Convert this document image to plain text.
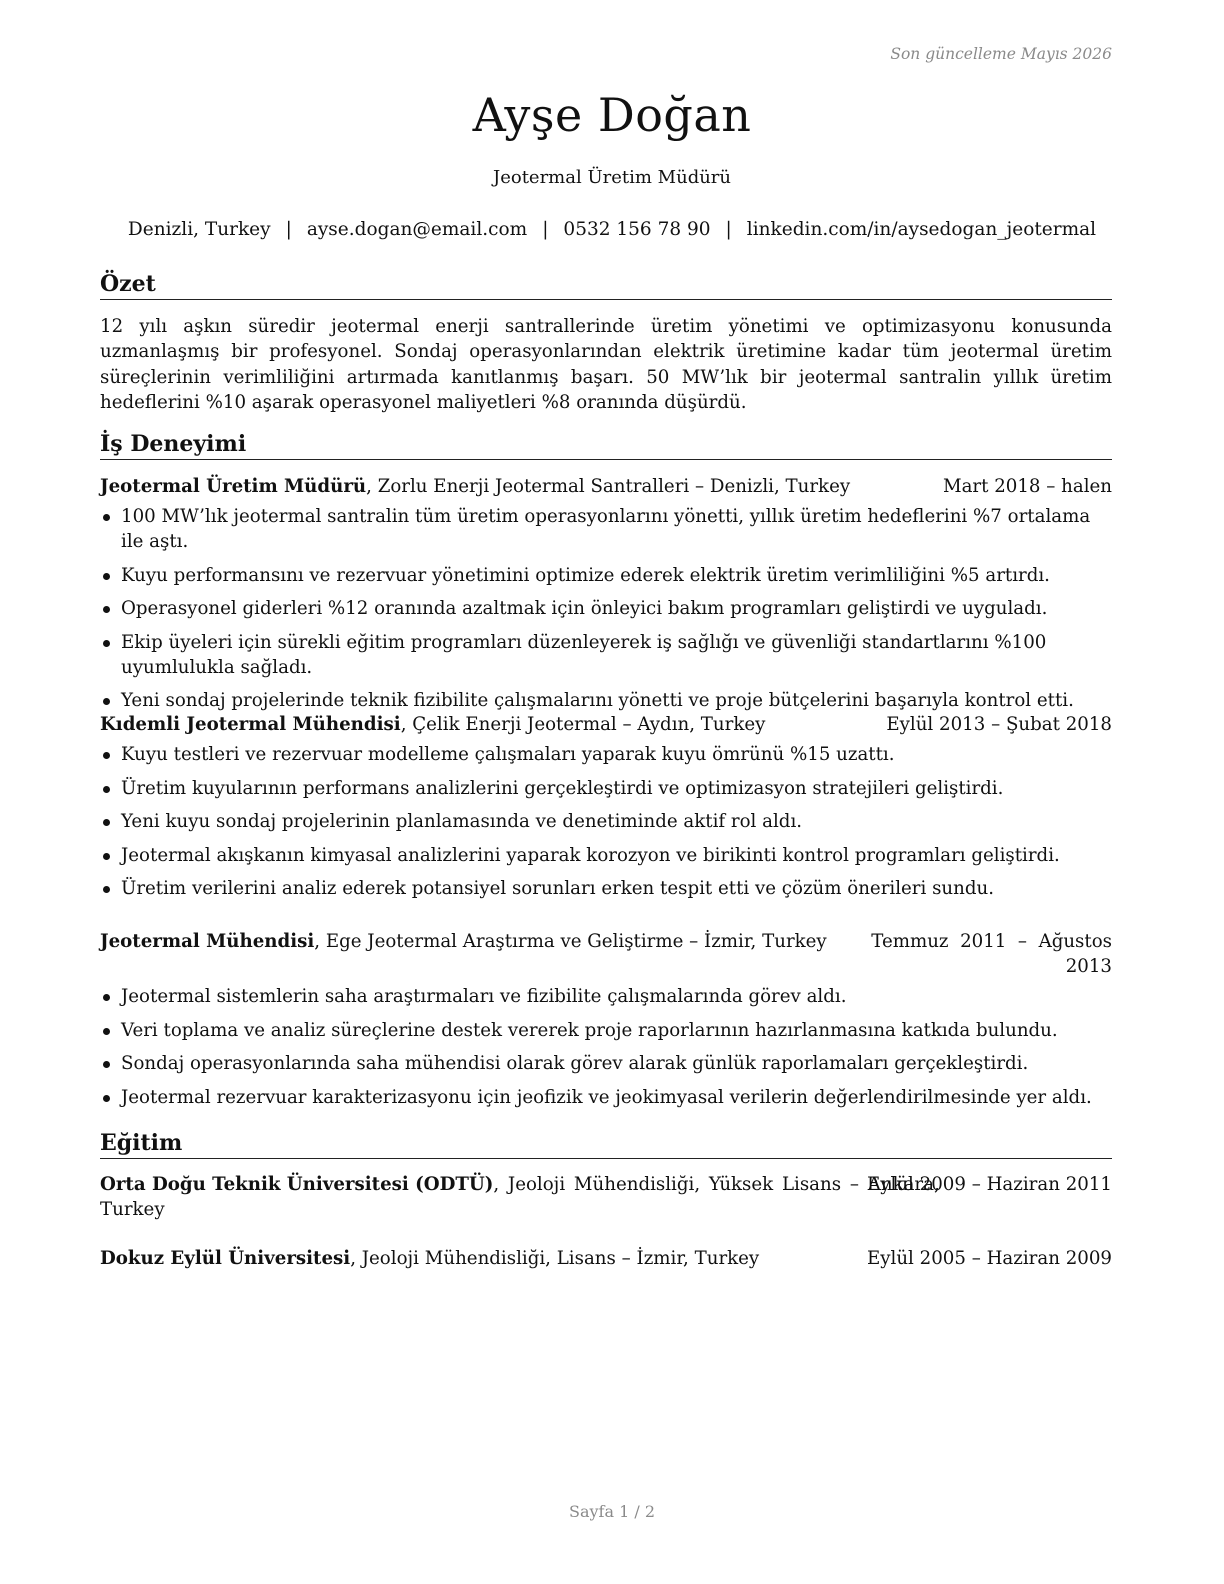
Son güncelleme Mayıs 2026
Ayşe Doğan
Jeotermal Üretim Müdürü
Denizli, Turkey | ayse.dogan@email.com | 0532 156 78 90 | linkedin.com/in/aysedogan_jeotermal
Özet
12 yılı aşkın süredir jeotermal enerji santrallerinde üretim yönetimi ve optimizasyonu konusunda uzmanlaşmış bir profesyonel. Sondaj operasyonlarından elektrik üretimine kadar tüm jeotermal üretim süreçlerinin verimliliğini artırmada kanıtlanmış başarı. 50 MW’lık bir jeotermal santralin yıllık üretim hedeflerini %10 aşarak operasyonel maliyetleri %8 oranında düşürdü.
İş Deneyimi
Jeotermal Üretim Müdürü, Zorlu Enerji Jeotermal Santralleri – Denizli, Turkey	Mart 2018 – halen
100 MW’lık jeotermal santralin tüm üretim operasyonlarını yönetti, yıllık üretim hedeflerini %7 ortalama ile aştı.
Kuyu performansını ve rezervuar yönetimini optimize ederek elektrik üretim verimliliğini %5 artırdı.
Operasyonel giderleri %12 oranında azaltmak için önleyici bakım programları geliştirdi ve uyguladı.
Ekip üyeleri için sürekli eğitim programları düzenleyerek iş sağlığı ve güvenliği standartlarını %100 uyumlulukla sağladı.
Yeni sondaj projelerinde teknik fizibilite çalışmalarını yönetti ve proje bütçelerini başarıyla kontrol etti.
Kıdemli Jeotermal Mühendisi, Çelik Enerji Jeotermal – Aydın, Turkey	Eylül 2013 – Şubat 2018
Kuyu testleri ve rezervuar modelleme çalışmaları yaparak kuyu ömrünü %15 uzattı.
Üretim kuyularının performans analizlerini gerçekleştirdi ve optimizasyon stratejileri geliştirdi.
Yeni kuyu sondaj projelerinin planlamasında ve denetiminde aktif rol aldı.
Jeotermal akışkanın kimyasal analizlerini yaparak korozyon ve birikinti kontrol programları geliştirdi.
Üretim verilerini analiz ederek potansiyel sorunları erken tespit etti ve çözüm önerileri sundu.
Jeotermal Mühendisi, Ege Jeotermal Araştırma ve Geliştirme – İzmir, Turkey Temmuz  2011  –  Ağustos
2013
Jeotermal sistemlerin saha araştırmaları ve fizibilite çalışmalarında görev aldı.
Veri toplama ve analiz süreçlerine destek vererek proje raporlarının hazırlanmasına katkıda bulundu.
Sondaj operasyonlarında saha mühendisi olarak görev alarak günlük raporlamaları gerçekleştirdi.
Jeotermal rezervuar karakterizasyonu için jeofizik ve jeokimyasal verilerin değerlendirilmesinde yer aldı.
Eğitim
Orta Doğu Teknik Üniversitesi (ODTÜ), Jeoloji Mühendisliği, Yüksek Lisans – Ankara,
Turkey
Eylül 2009 – Haziran 2011
Dokuz Eylül Üniversitesi, Jeoloji Mühendisliği, Lisans – İzmir, Turkey	Eylül 2005 – Haziran 2009
Sayfa 1 / 2
